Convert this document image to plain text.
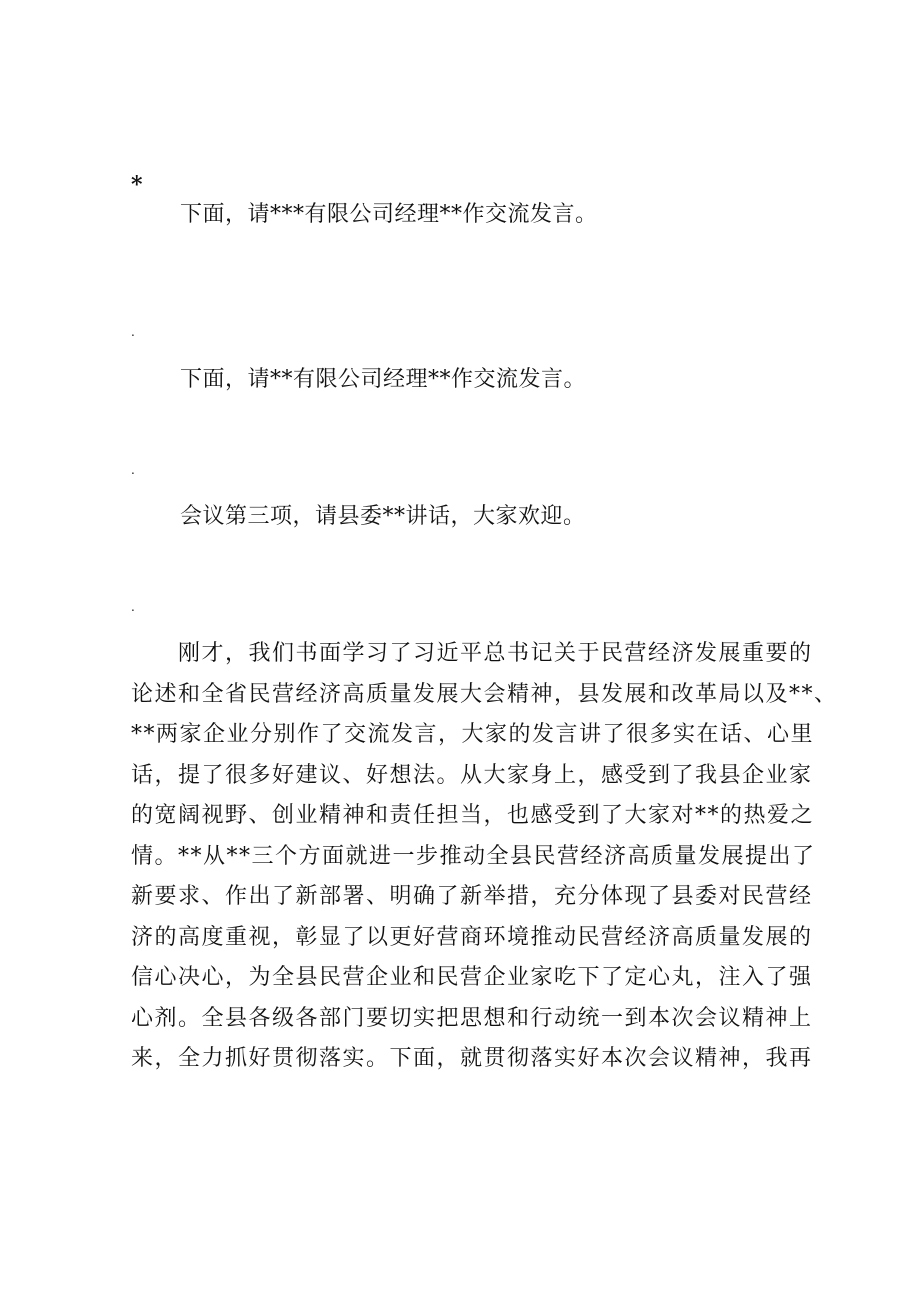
*
下面，请***有限公司经理**作交流发言。
.
下面，请**有限公司经理**作交流发言。
.
会议第三项，请县委**讲话，大家欢迎。
.
　　刚才，我们书面学习了习近平总书记关于民营经济发展重要的
论述和全省民营经济高质量发展大会精神，县发展和改革局以及**、
**两家企业分别作了交流发言，大家的发言讲了很多实在话、心里
话，提了很多好建议、好想法。从大家身上，感受到了我县企业家
的宽阔视野、创业精神和责任担当，也感受到了大家对**的热爱之
情。**从**三个方面就进一步推动全县民营经济高质量发展提出了
新要求、作出了新部署、明确了新举措，充分体现了县委对民营经
济的高度重视，彰显了以更好营商环境推动民营经济高质量发展的
信心决心，为全县民营企业和民营企业家吃下了定心丸，注入了强
心剂。全县各级各部门要切实把思想和行动统一到本次会议精神上
来，全力抓好贯彻落实。下面，就贯彻落实好本次会议精神，我再
